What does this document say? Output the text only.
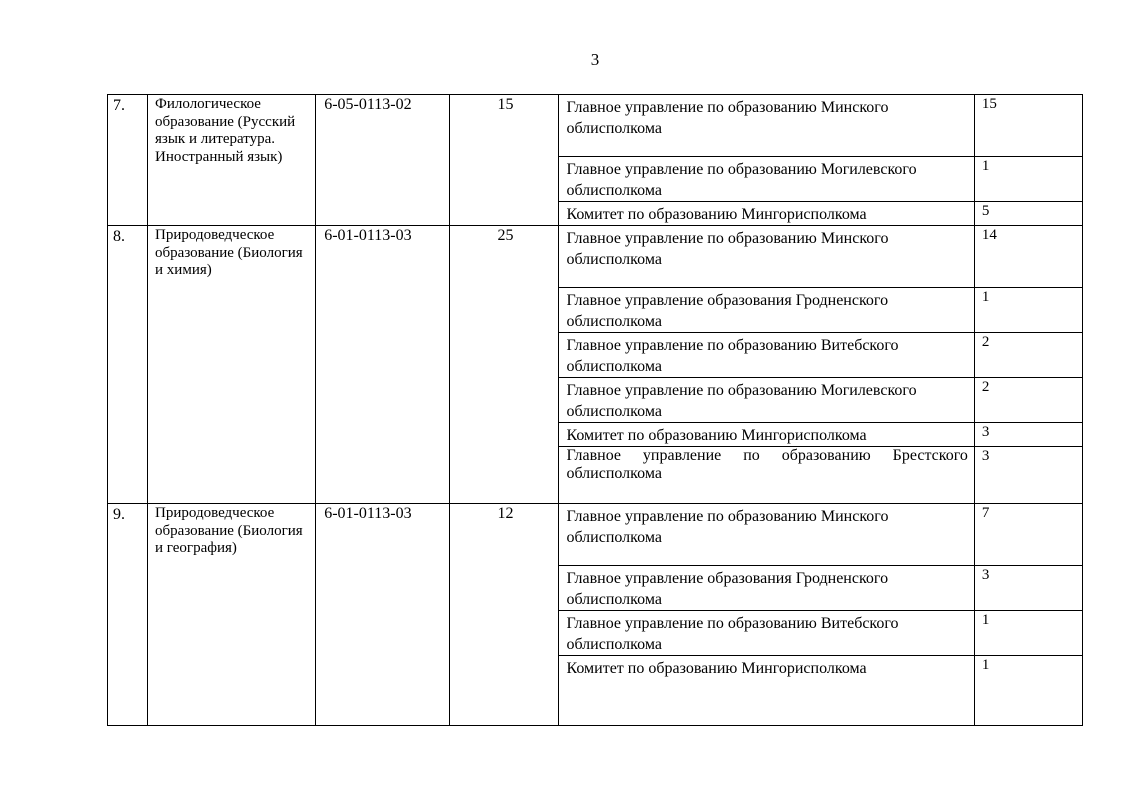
3
7.	Филологическое образование (Русский язык и литература. Иностранный язык)	6-05-0113-02	15	Главное управление по образованию Минского облисполкома	15

				Главное управление по образованию Могилевского облисполкома	1

				Комитет по образованию Мингорисполкома	5

8.	Природоведческое образование (Биология и химия)	6-01-0113-03	25	Главное управление по образованию Минского облисполкома	14

				Главное управление образования Гродненского облисполкома	1

				Главное управление по образованию Витебского облисполкома	2

				Главное управление по образованию Могилевского облисполкома	2

				Комитет по образованию Мингорисполкома	3

				Главное управление по образованию Брестского облисполкома	3

9.	Природоведческое образование (Биология и география)	6-01-0113-03	12	Главное управление по образованию Минского облисполкома	7

				Главное управление образования Гродненского облисполкома	3

				Главное управление по образованию Витебского облисполкома	1

				Комитет по образованию Мингорисполкома	1
